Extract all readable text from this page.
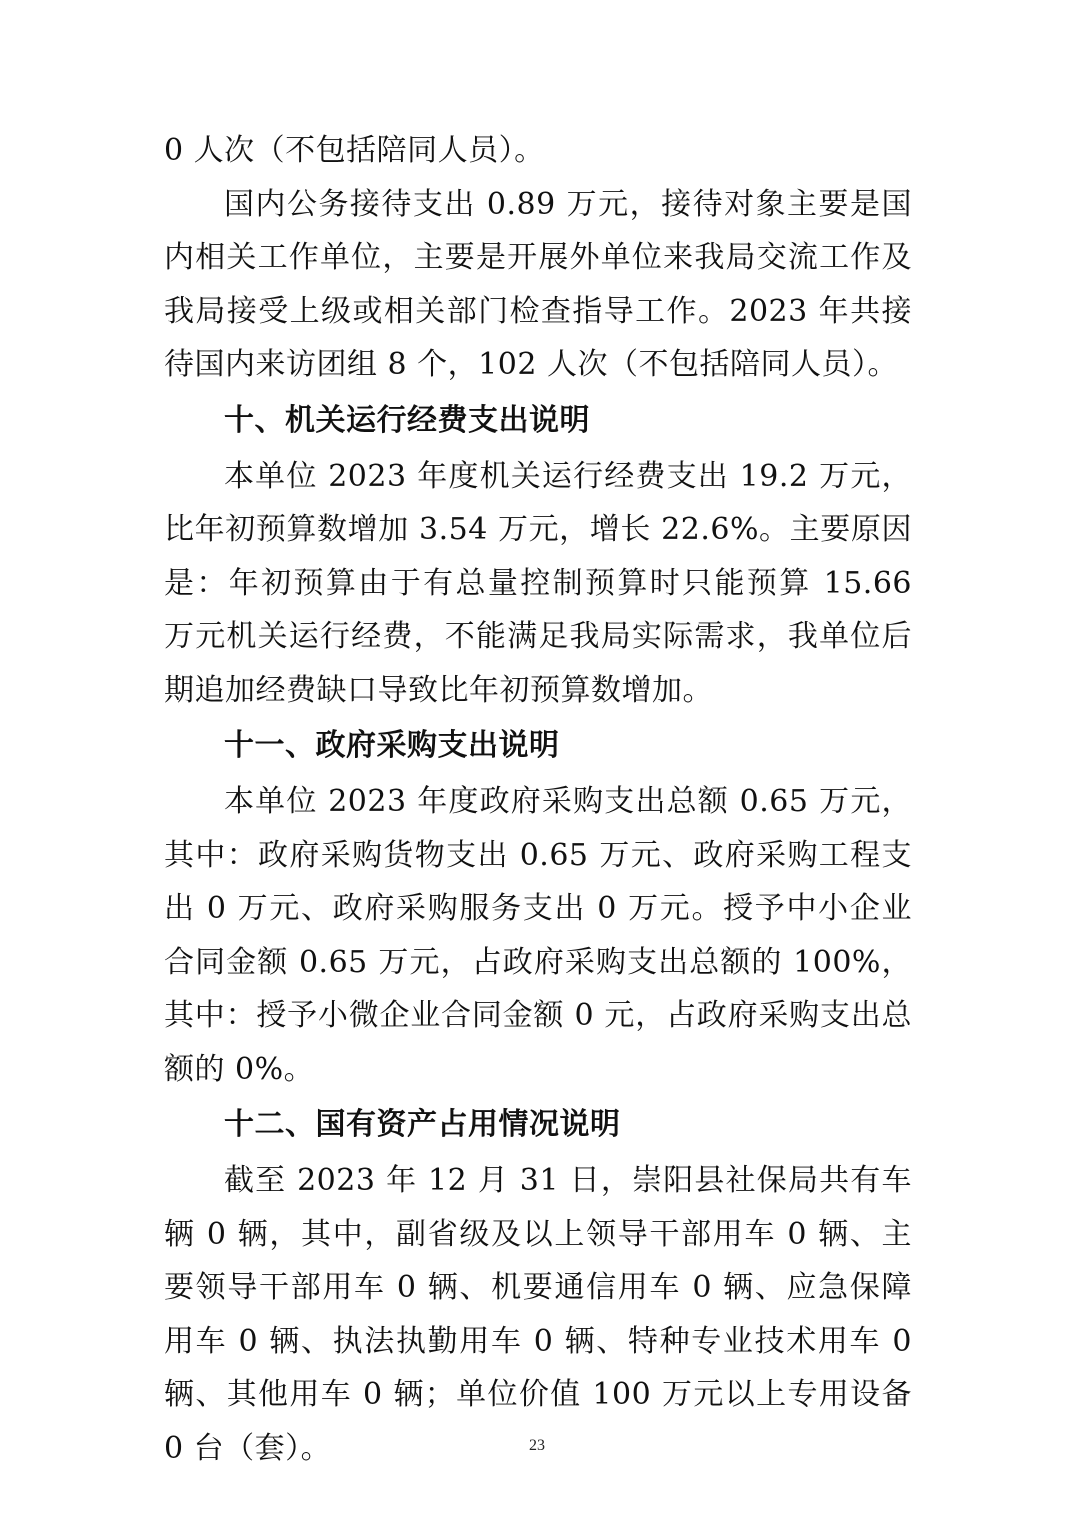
0 人次（不包括陪同人员）。

国内公务接待支出 0.89 万元，接待对象主要是国内相关工作单位，主要是开展外单位来我局交流工作及我局接受上级或相关部门检查指导工作。2023 年共接待国内来访团组 8 个，102 人次（不包括陪同人员）。

十、机关运行经费支出说明

本单位 2023 年度机关运行经费支出 19.2 万元，比年初预算数增加 3.54 万元，增长 22.6%。主要原因是：年初预算由于有总量控制预算时只能预算 15.66 万元机关运行经费，不能满足我局实际需求，我单位后期追加经费缺口导致比年初预算数增加。

十一、政府采购支出说明

本单位 2023 年度政府采购支出总额 0.65 万元，其中：政府采购货物支出 0.65 万元、政府采购工程支出 0 万元、政府采购服务支出 0 万元。授予中小企业合同金额 0.65 万元，占政府采购支出总额的 100%，其中：授予小微企业合同金额 0 元，占政府采购支出总额的 0%。

十二、国有资产占用情况说明

截至 2023 年 12 月 31 日，崇阳县社保局共有车辆 0 辆，其中，副省级及以上领导干部用车 0 辆、主要领导干部用车 0 辆、机要通信用车 0 辆、应急保障用车 0 辆、执法执勤用车 0 辆、特种专业技术用车 0 辆、其他用车 0 辆；单位价值 100 万元以上专用设备 0 台（套）。	23
